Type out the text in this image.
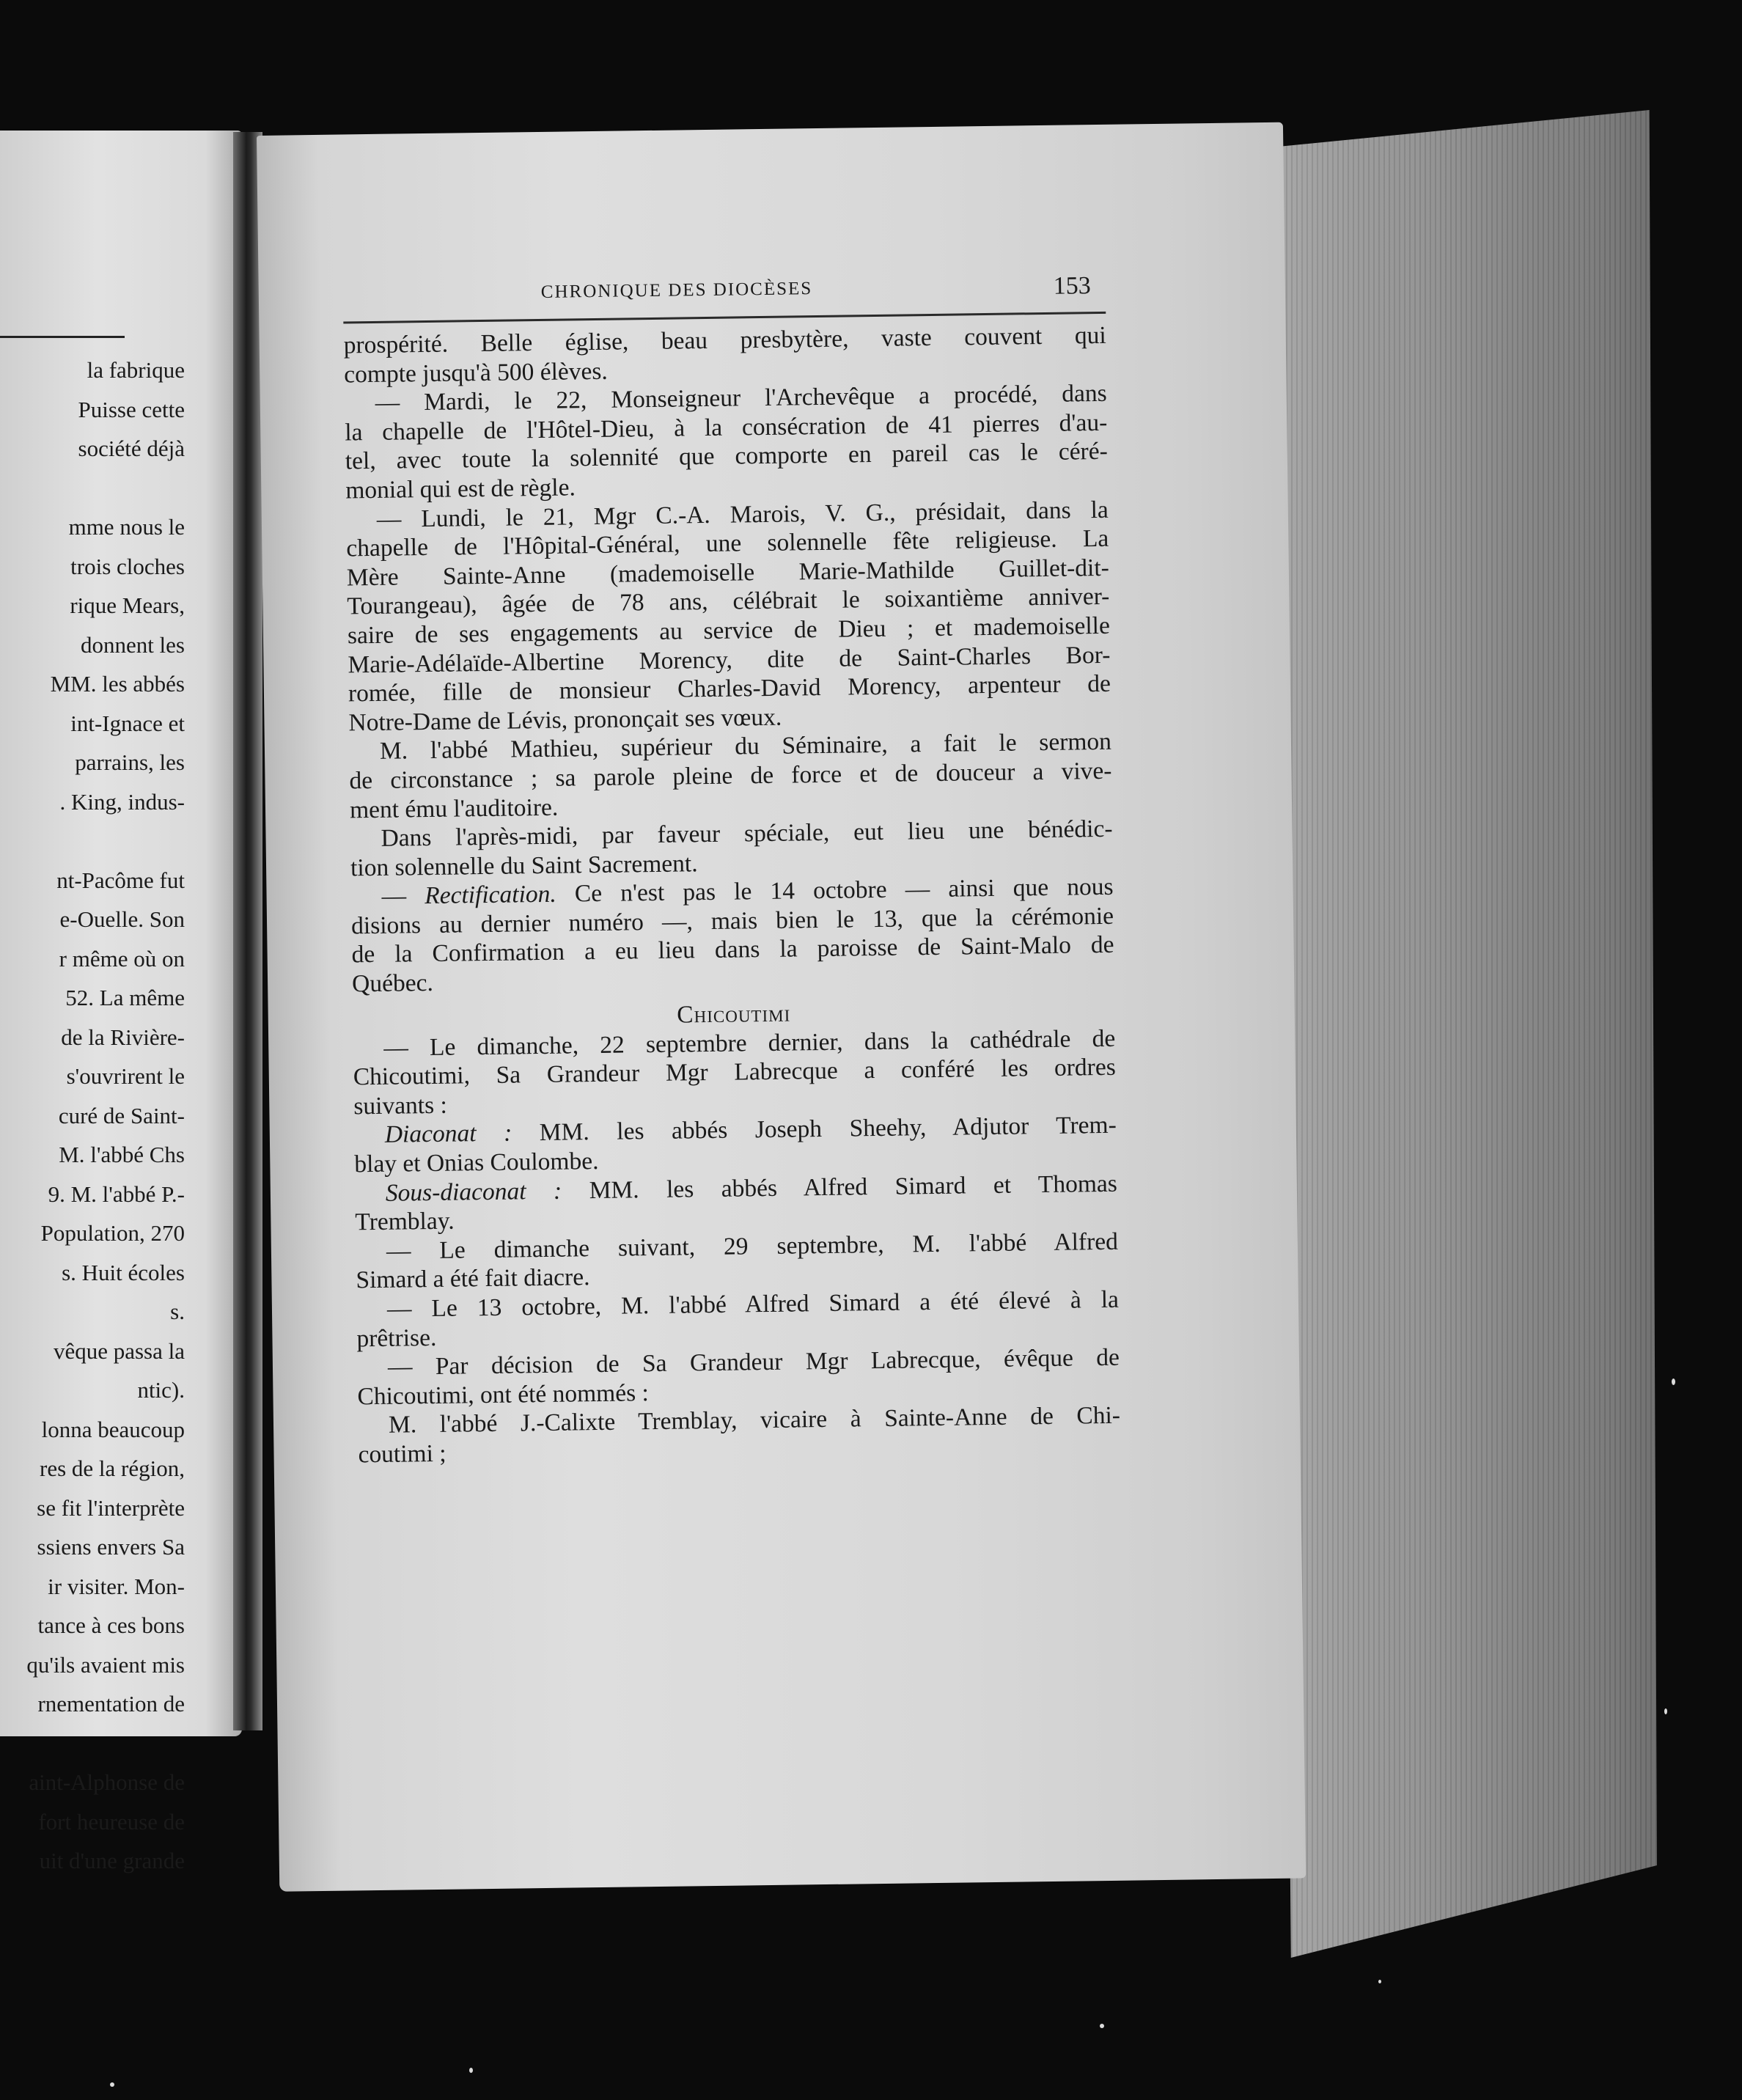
la fabrique
Puisse cette
société déjà
mme nous le
trois cloches
rique Mears,
donnent les
MM. les abbés
int-Ignace et
parrains, les
. King, indus-
nt-Pacôme fut
e-Ouelle. Son
r même où on
52. La même
de la Rivière-
s'ouvrirent le
curé de Saint-
M. l'abbé Chs
9. M. l'abbé P.-
Population, 270
s. Huit écoles
s.
vêque passa la
ntic).
lonna beaucoup
res de la région,
se fit l'interprète
ssiens envers Sa
ir visiter. Mon-
tance à ces bons
qu'ils avaient mis
rnementation de
aint-Alphonse de
fort heureuse de
uit d'une grande
CHRONIQUE DES DIOCÈSES	153
prospérité. Belle église, beau presbytère, vaste couvent qui
compte jusqu'à 500 élèves.
— Mardi, le 22, Monseigneur l'Archevêque a procédé, dans
la chapelle de l'Hôtel-Dieu, à la consécration de 41 pierres d'au-
tel, avec toute la solennité que comporte en pareil cas le céré-
monial qui est de règle.
— Lundi, le 21, Mgr C.-A. Marois, V. G., présidait, dans la
chapelle de l'Hôpital-Général, une solennelle fête religieuse. La
Mère Sainte-Anne (mademoiselle Marie-Mathilde Guillet-dit-
Tourangeau), âgée de 78 ans, célébrait le soixantième anniver-
saire de ses engagements au service de Dieu ; et mademoiselle
Marie-Adélaïde-Albertine Morency, dite de Saint-Charles Bor-
romée, fille de monsieur Charles-David Morency, arpenteur de
Notre-Dame de Lévis, prononçait ses vœux.
M. l'abbé Mathieu, supérieur du Séminaire, a fait le sermon
de circonstance ; sa parole pleine de force et de douceur a vive-
ment ému l'auditoire.
Dans l'après-midi, par faveur spéciale, eut lieu une bénédic-
tion solennelle du Saint Sacrement.
— Rectification. Ce n'est pas le 14 octobre — ainsi que nous
disions au dernier numéro —, mais bien le 13, que la cérémonie
de la Confirmation a eu lieu dans la paroisse de Saint-Malo de
Québec.
Chicoutimi
— Le dimanche, 22 septembre dernier, dans la cathédrale de
Chicoutimi, Sa Grandeur Mgr Labrecque a conféré les ordres
suivants :
Diaconat : MM. les abbés Joseph Sheehy, Adjutor Trem-
blay et Onias Coulombe.
Sous-diaconat : MM. les abbés Alfred Simard et Thomas
Tremblay.
— Le dimanche suivant, 29 septembre, M. l'abbé Alfred
Simard a été fait diacre.
— Le 13 octobre, M. l'abbé Alfred Simard a été élevé à la
prêtrise.
— Par décision de Sa Grandeur Mgr Labrecque, évêque de
Chicoutimi, ont été nommés :
M. l'abbé J.-Calixte Tremblay, vicaire à Sainte-Anne de Chi-
coutimi ;
